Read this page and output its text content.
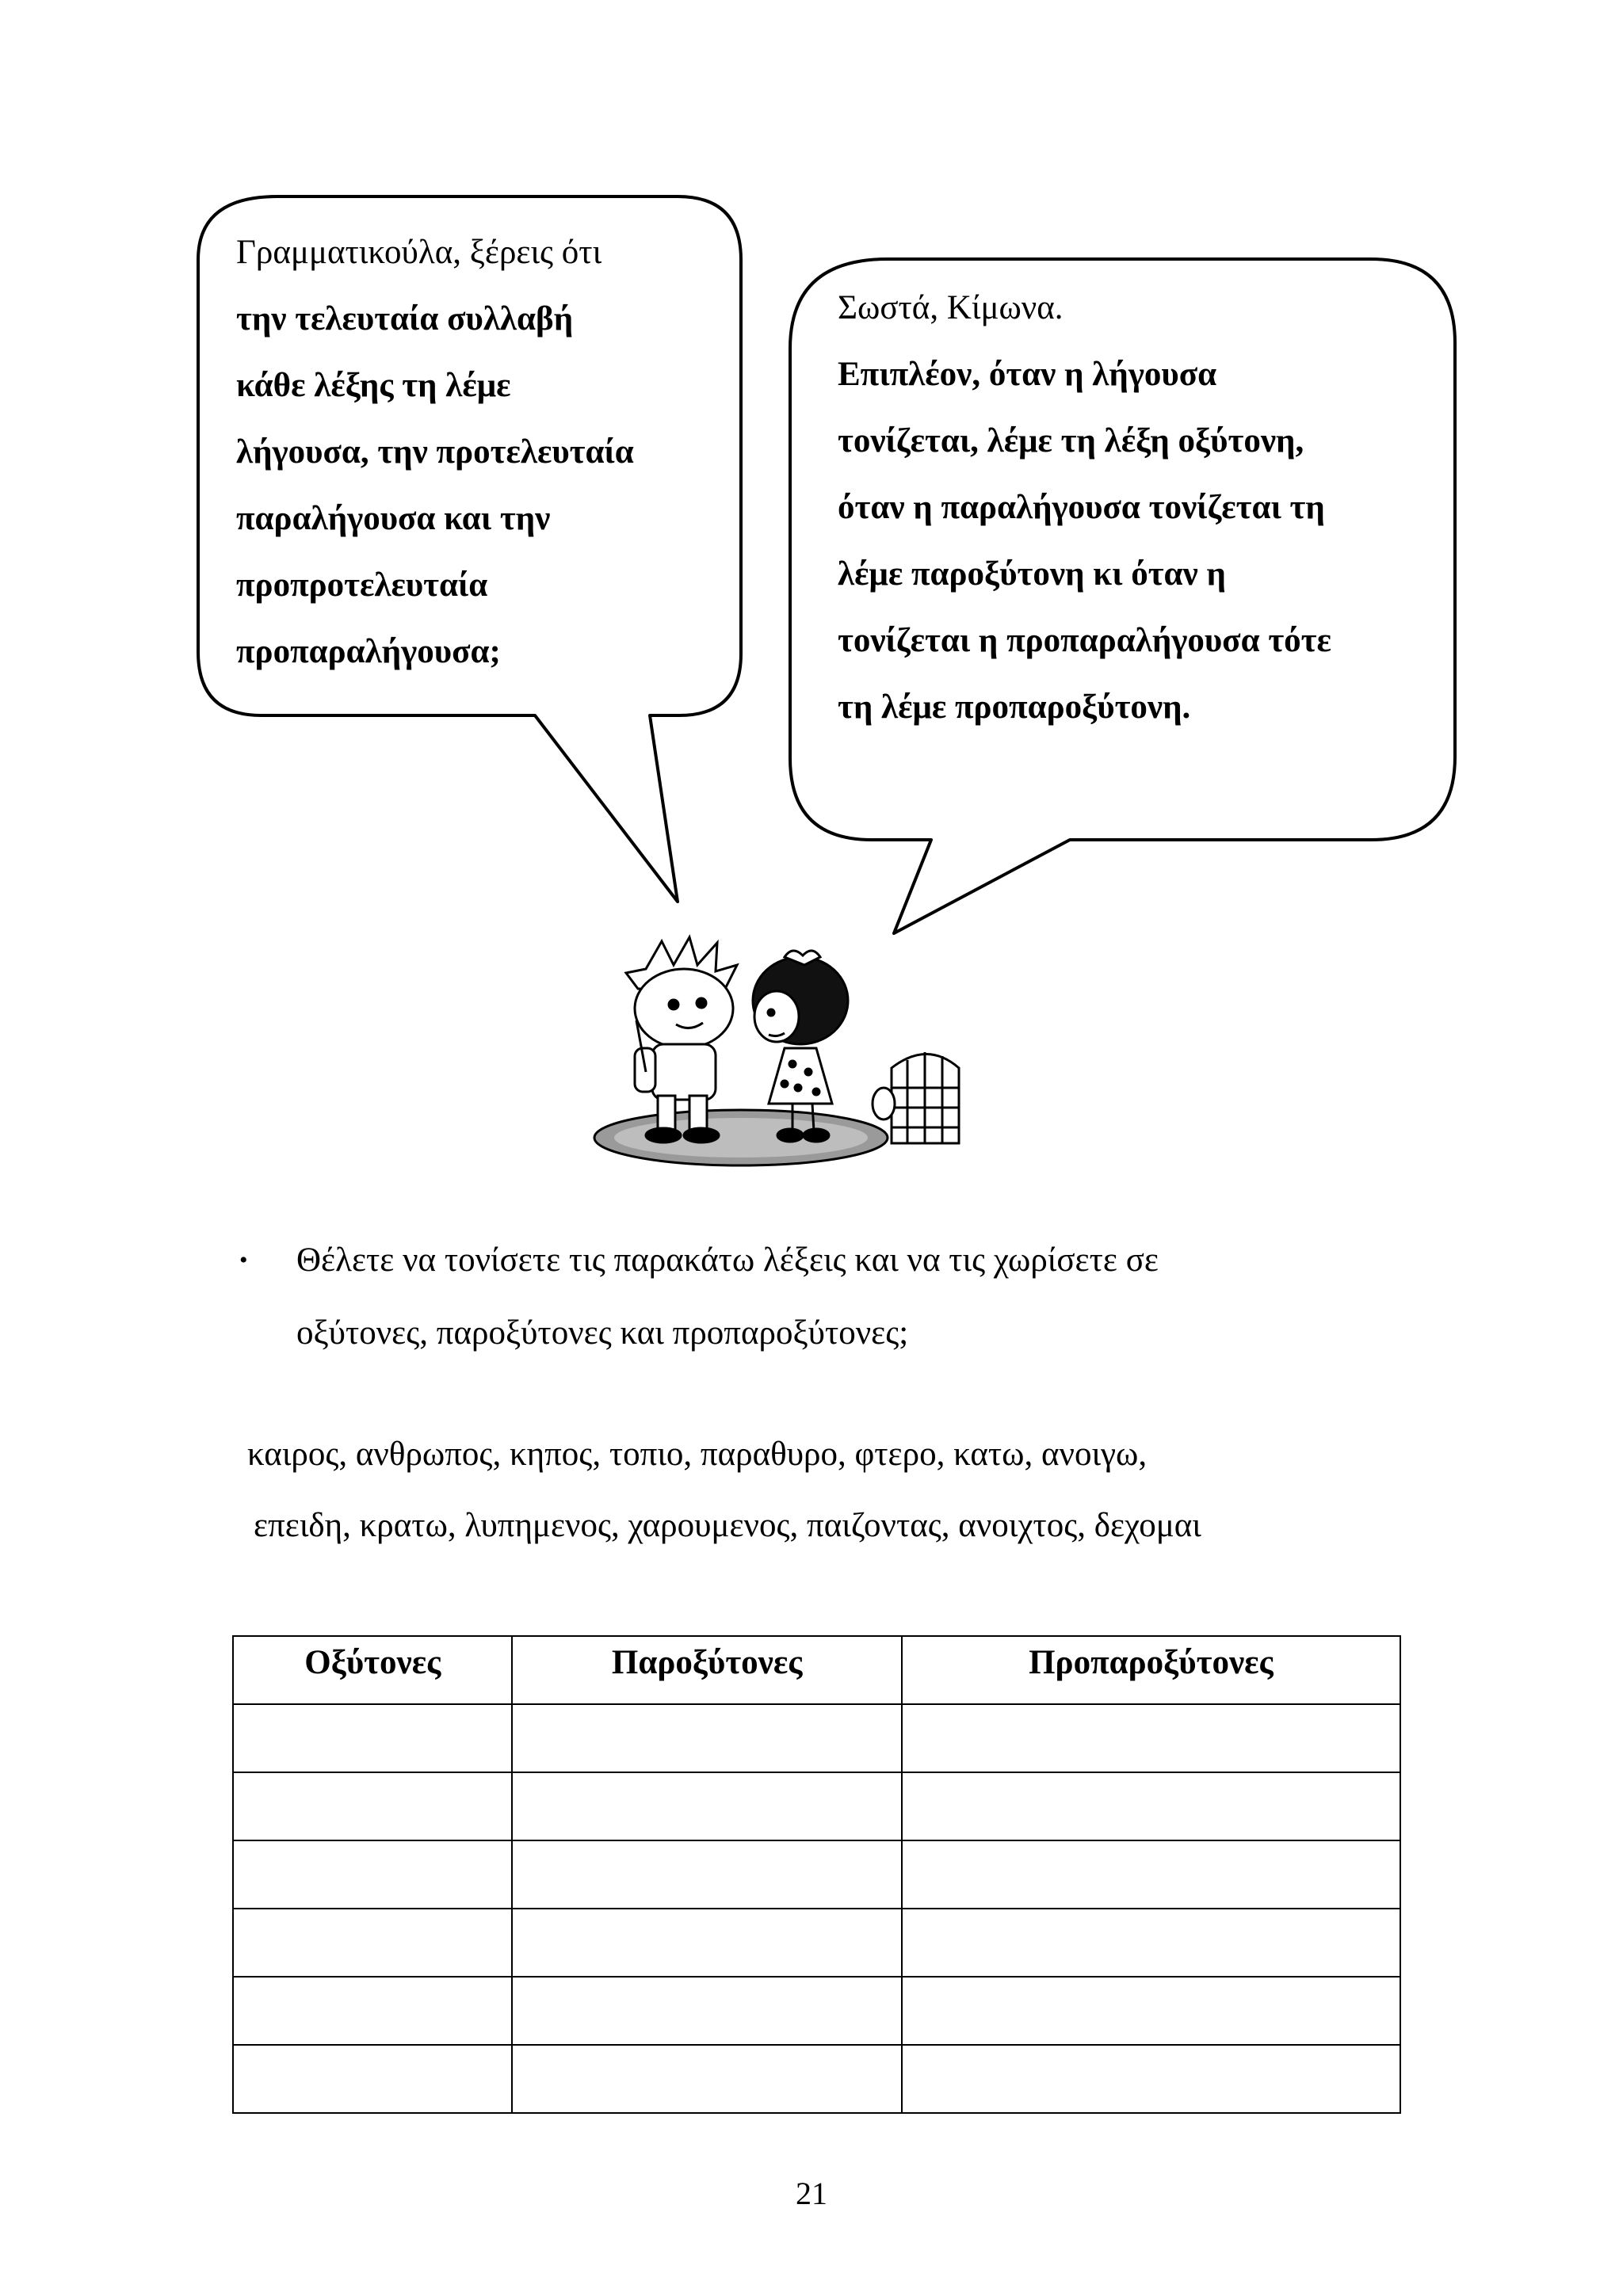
Γραμματικούλα, ξέρεις ότι
την τελευταία συλλαβή
κάθε λέξης τη λέμε
λήγουσα, την προτελευταία
παραλήγουσα και την
προπροτελευταία
προπαραλήγουσα;
Σωστά, Κίμωνα.
Επιπλέον, όταν η λήγουσα
τονίζεται, λέμε τη λέξη οξύτονη,
όταν η παραλήγουσα τονίζεται τη
λέμε παροξύτονη κι όταν η
τονίζεται η προπαραλήγουσα τότε
τη λέμε προπαροξύτονη.
• Θέλετε να τονίσετε τις παρακάτω λέξεις και να τις χωρίσετε σε
οξύτονες, παροξύτονες και προπαροξύτονες;
καιρος, ανθρωπος, κηπος, τοπιο, παραθυρο, φτερο, κατω, ανοιγω,
επειδη, κρατω, λυπημενος, χαρουμενος, παιζοντας, ανοιχτος, δεχομαι
Οξύτονες	Παροξύτονες	Προπαροξύτονες

21
